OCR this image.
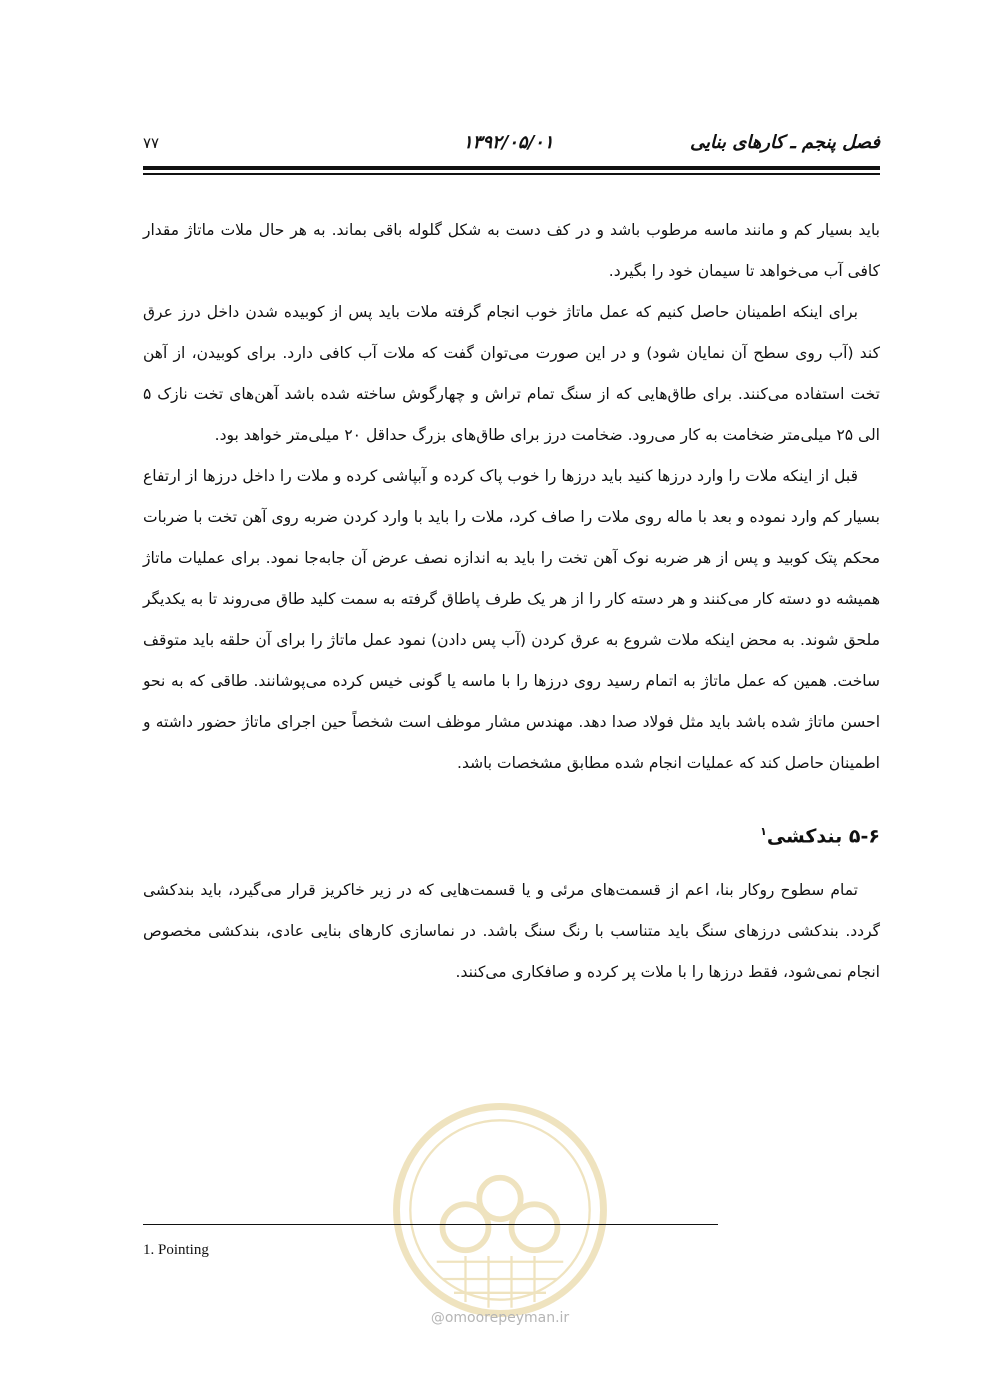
فصل پنجم ـ کارهای بنایی
۱۳۹۲/۰۵/۰۱
۷۷

باید بسیار کم و مانند ماسه مرطوب باشد و در کف دست به شکل گلوله باقی بماند. به هر حال ملات ماتاژ مقدار کافی آب می‌خواهد تا سیمان خود را بگیرد.

برای اینکه اطمینان حاصل کنیم که عمل ماتاژ خوب انجام گرفته ملات باید پس از کوبیده شدن داخل درز عرق کند (آب روی سطح آن نمایان شود) و در این صورت می‌توان گفت که ملات آب کافی دارد. برای کوبیدن، از آهن تخت استفاده می‌کنند. برای طاق‌هایی که از سنگ تمام تراش و چهارگوش ساخته شده باشد آهن‌های تخت نازک ۵ الی ۲۵ میلی‌متر ضخامت به کار می‌رود. ضخامت درز برای طاق‌های بزرگ حداقل ۲۰ میلی‌متر خواهد بود.

قبل از اینکه ملات را وارد درزها کنید باید درزها را خوب پاک کرده و آبپاشی کرده و ملات را داخل درزها از ارتفاع بسیار کم وارد نموده و بعد با ماله روی ملات را صاف کرد، ملات را باید با وارد کردن ضربه روی آهن تخت با ضربات محکم پتک کوبید و پس از هر ضربه نوک آهن تخت را باید به اندازه نصف عرض آن جابه‌جا نمود. برای عملیات ماتاژ همیشه دو دسته کار می‌کنند و هر دسته کار را از هر یک طرف پاطاق گرفته به سمت کلید طاق می‌روند تا به یکدیگر ملحق شوند. به محض اینکه ملات شروع به عرق کردن (آب پس دادن) نمود عمل ماتاژ را برای آن حلقه باید متوقف ساخت. همین که عمل ماتاژ به اتمام رسید روی درزها را با ماسه یا گونی خیس کرده می‌پوشانند. طاقی که به نحو احسن ماتاژ شده باشد باید مثل فولاد صدا دهد. مهندس مشار موظف است شخصاً حین اجرای ماتاژ حضور داشته و اطمینان حاصل کند که عملیات انجام شده مطابق مشخصات باشد.

۵-۶ بندکشی$^۱$

تمام سطوح روکار بنا، اعم از قسمت‌های مرئی و یا قسمت‌هایی که در زیر خاکریز قرار می‌گیرد، باید بندکشی گردد. بندکشی درزهای سنگ باید متناسب با رنگ سنگ باشد. در نماسازی کارهای بنایی عادی، بندکشی مخصوص انجام نمی‌شود، فقط درزها را با ملات پر کرده و صافکاری می‌کنند.

@omoorepeyman.ir
1. Pointing
